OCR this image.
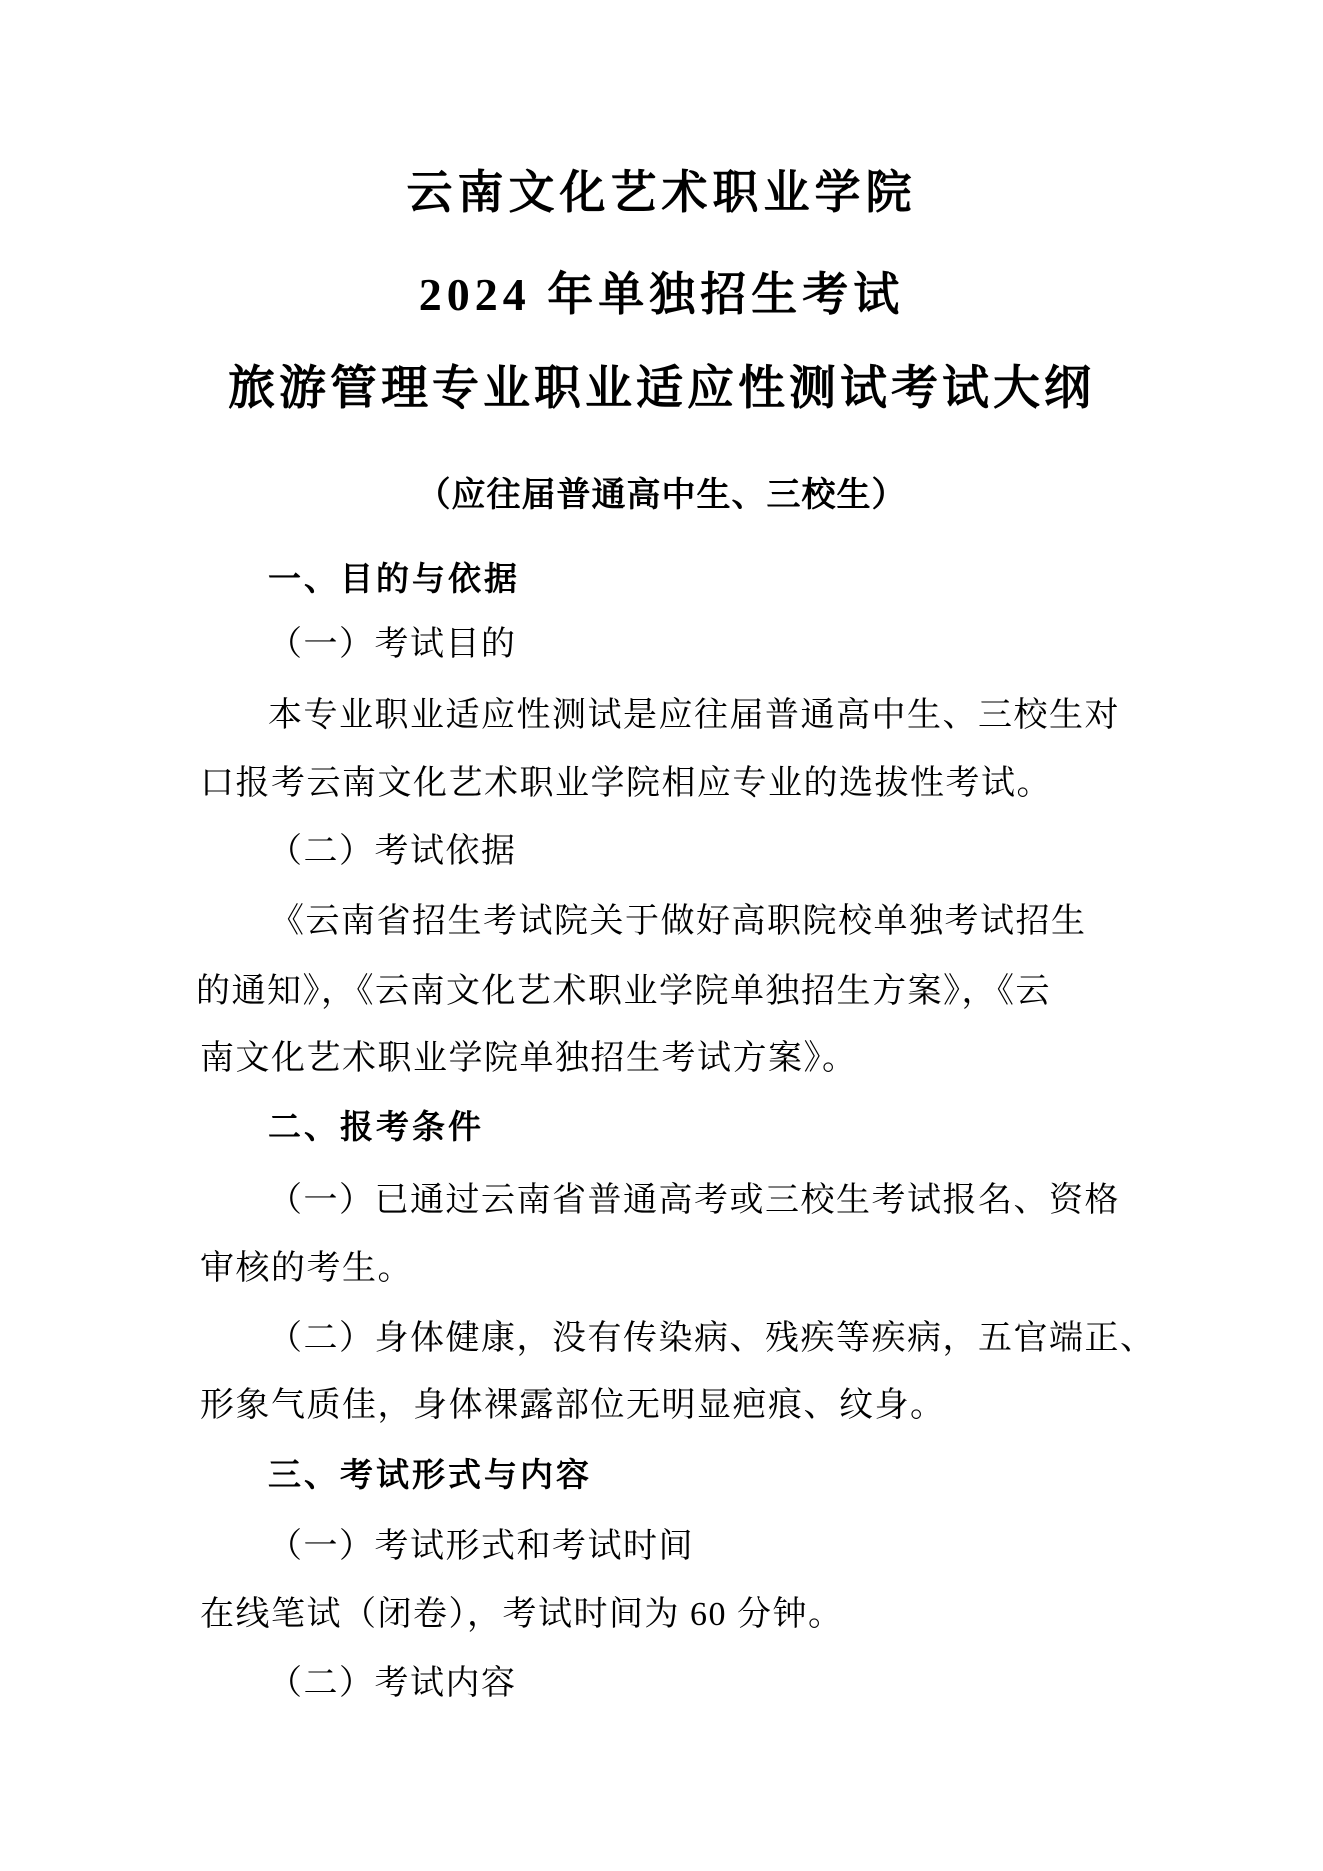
云南文化艺术职业学院
2024 年单独招生考试
旅游管理专业职业适应性测试考试大纲
（应往届普通高中生、三校生）
一、目的与依据
（一）考试目的
本专业职业适应性测试是应往届普通高中生、三校生对
口报考云南文化艺术职业学院相应专业的选拔性考试。
（二）考试依据
《云南省招生考试院关于做好高职院校单独考试招生
的通知》，《云南文化艺术职业学院单独招生方案》，《云
南文化艺术职业学院单独招生考试方案》。
二、报考条件
（一）已通过云南省普通高考或三校生考试报名、资格
审核的考生。
（二）身体健康，没有传染病、残疾等疾病，五官端正、
形象气质佳，身体裸露部位无明显疤痕、纹身。
三、考试形式与内容
（一）考试形式和考试时间
在线笔试（闭卷），考试时间为 60 分钟。
（二）考试内容
